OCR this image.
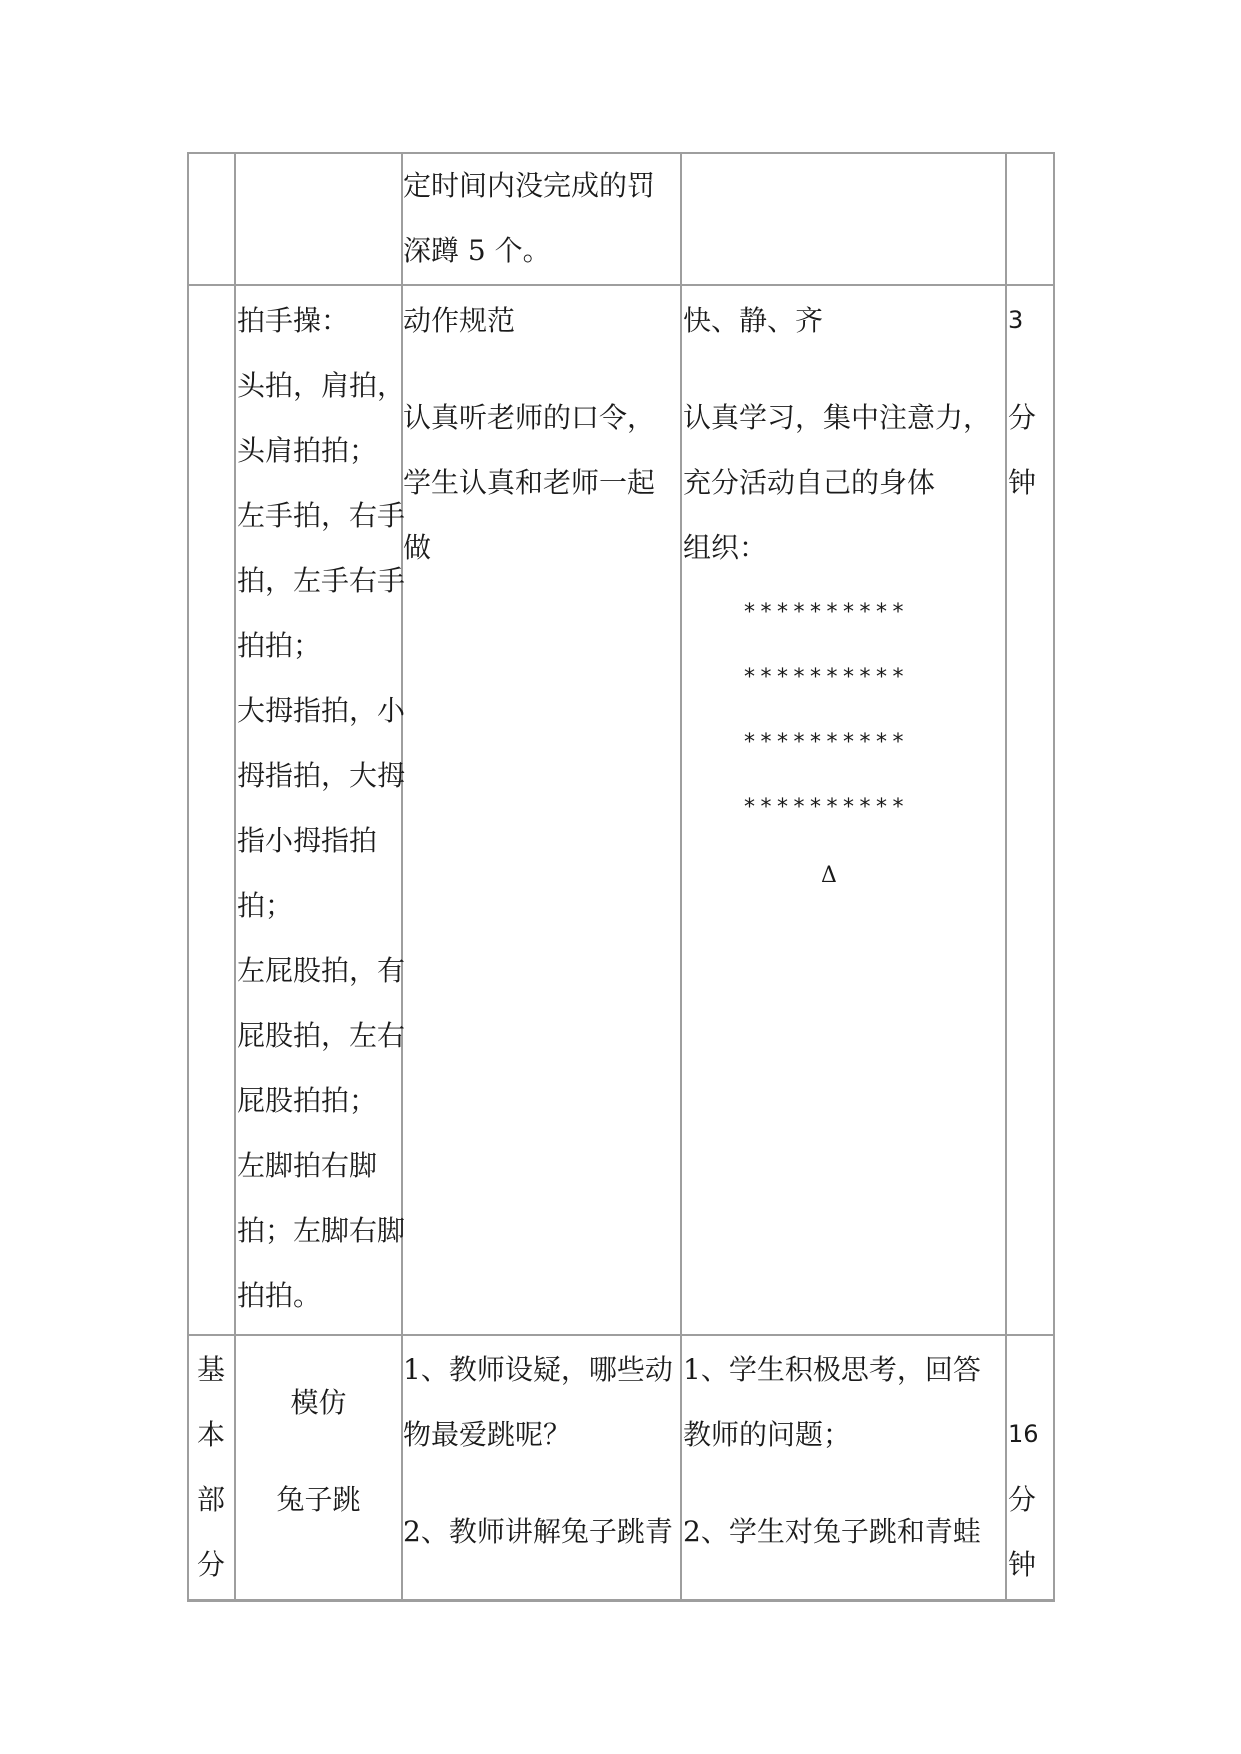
定时间内没完成的罚
深蹲 5 个。
拍手操：
头拍，肩拍，
头肩拍拍；
左手拍，右手
拍，左手右手
拍拍；
大拇指拍，小
拇指拍，大拇
指小拇指拍
拍；
左屁股拍，有
屁股拍，左右
屁股拍拍；
左脚拍右脚
拍；左脚右脚
拍拍。
动作规范
认真听老师的口令，
学生认真和老师一起
做
快、静、齐
认真学习，集中注意力，
充分活动自己的身体
组织：
**********
**********
**********
**********
Δ
3
分
钟
基
本
部
分
模仿
兔子跳
1、教师设疑，哪些动
物最爱跳呢？
2、教师讲解兔子跳青
1、学生积极思考，回答
教师的问题；
2、学生对兔子跳和青蛙
16
分
钟
